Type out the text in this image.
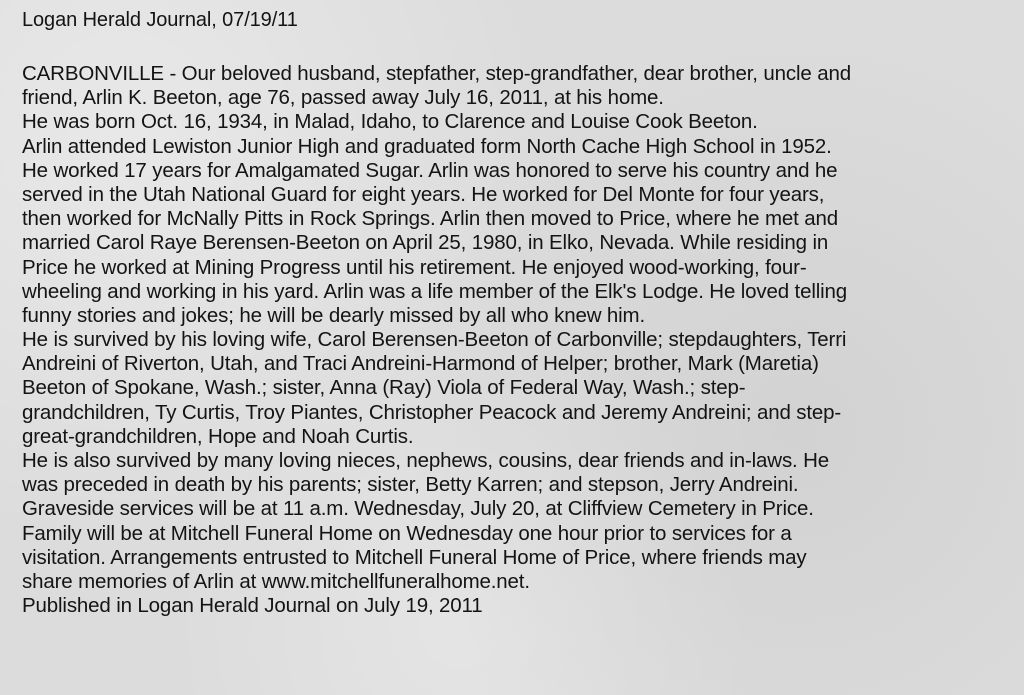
Logan Herald Journal, 07/19/11
CARBONVILLE - Our beloved husband, stepfather, step-grandfather, dear brother, uncle and
friend, Arlin K. Beeton, age 76, passed away July 16, 2011, at his home.
He was born Oct. 16, 1934, in Malad, Idaho, to Clarence and Louise Cook Beeton.
Arlin attended Lewiston Junior High and graduated form North Cache High School in 1952.
He worked 17 years for Amalgamated Sugar. Arlin was honored to serve his country and he
served in the Utah National Guard for eight years. He worked for Del Monte for four years,
then worked for McNally Pitts in Rock Springs. Arlin then moved to Price, where he met and
married Carol Raye Berensen-Beeton on April 25, 1980, in Elko, Nevada. While residing in
Price he worked at Mining Progress until his retirement. He enjoyed wood-working, four-
wheeling and working in his yard. Arlin was a life member of the Elk's Lodge. He loved telling
funny stories and jokes; he will be dearly missed by all who knew him.
He is survived by his loving wife, Carol Berensen-Beeton of Carbonville; stepdaughters, Terri
Andreini of Riverton, Utah, and Traci Andreini-Harmond of Helper; brother, Mark (Maretia)
Beeton of Spokane, Wash.; sister, Anna (Ray) Viola of Federal Way, Wash.; step-
grandchildren, Ty Curtis, Troy Piantes, Christopher Peacock and Jeremy Andreini; and step-
great-grandchildren, Hope and Noah Curtis.
He is also survived by many loving nieces, nephews, cousins, dear friends and in-laws. He
was preceded in death by his parents; sister, Betty Karren; and stepson, Jerry Andreini.
Graveside services will be at 11 a.m. Wednesday, July 20, at Cliffview Cemetery in Price.
Family will be at Mitchell Funeral Home on Wednesday one hour prior to services for a
visitation. Arrangements entrusted to Mitchell Funeral Home of Price, where friends may
share memories of Arlin at www.mitchellfuneralhome.net.
Published in Logan Herald Journal on July 19, 2011
